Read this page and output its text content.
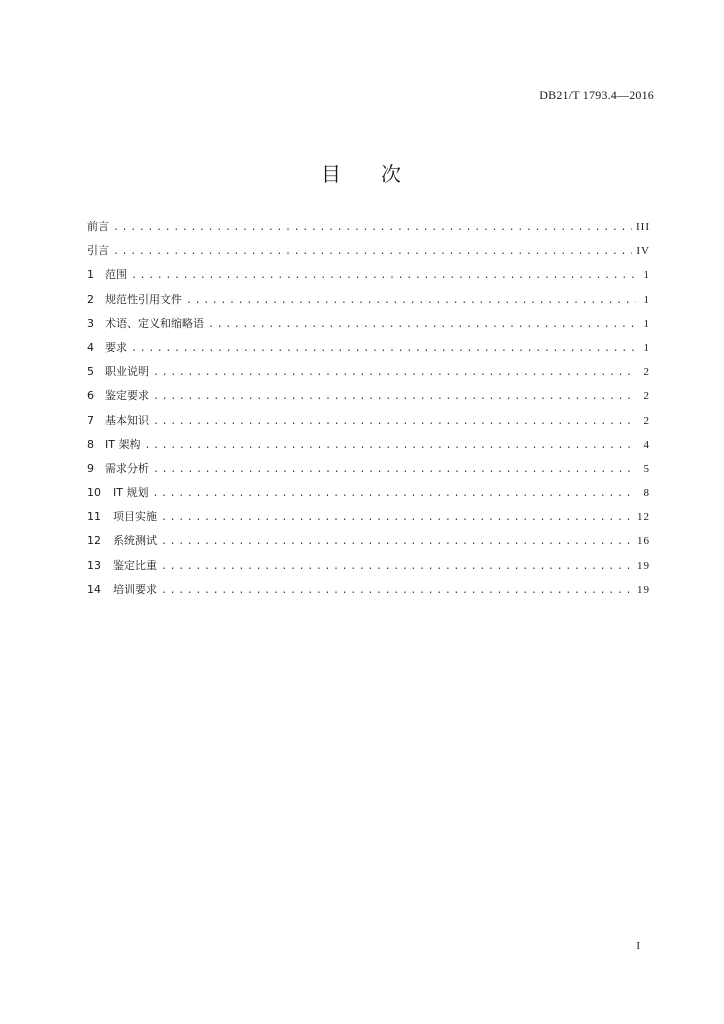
DB21/T 1793.4—2016
目 次
前言 .....	III
引言 .....	IV
1	范围 .....	1
2	规范性引用文件 .....	1
3	术语、定义和缩略语 .....	1
4	要求 .....	1
5	职业说明 .....	2
6	鉴定要求 .....	2
7	基本知识 .....	2
8	IT 架构 .....	4
9	需求分析 .....	5
10	IT 规划 .....	8
11	项目实施 .....	12
12	系统测试 .....	16
13	鉴定比重 .....	19
14	培训要求 .....	19
I
